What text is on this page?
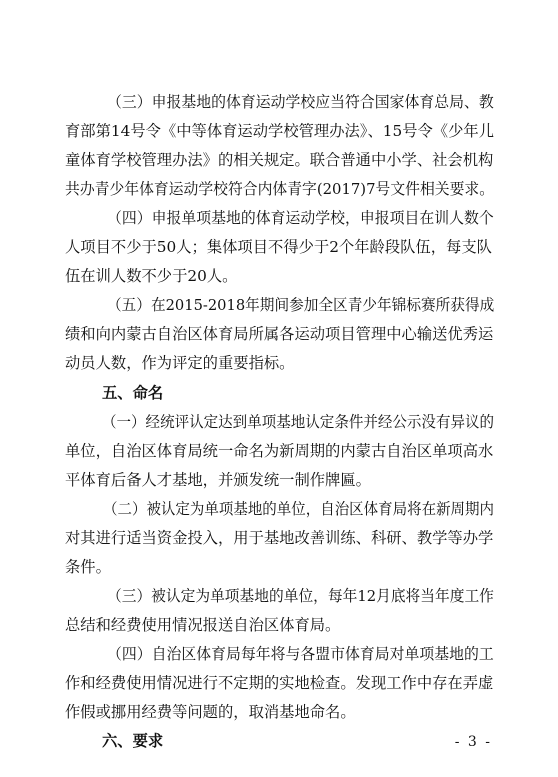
（三）申报基地的体育运动学校应当符合国家体育总局、教

育部第14号令《中等体育运动学校管理办法》、15号令《少年儿

童体育学校管理办法》的相关规定。联合普通中小学、社会机构

共办青少年体育运动学校符合内体青字(2017)7号文件相关要求。

（四）申报单项基地的体育运动学校，申报项目在训人数个

人项目不少于50人；集体项目不得少于2个年龄段队伍，每支队

伍在训人数不少于20人。

（五）在2015-2018年期间参加全区青少年锦标赛所获得成

绩和向内蒙古自治区体育局所属各运动项目管理中心输送优秀运

动员人数，作为评定的重要指标。

五、命名

（一）经统评认定达到单项基地认定条件并经公示没有异议的

单位，自治区体育局统一命名为新周期的内蒙古自治区单项高水

平体育后备人才基地，并颁发统一制作牌匾。

（二）被认定为单项基地的单位，自治区体育局将在新周期内

对其进行适当资金投入，用于基地改善训练、科研、教学等办学

条件。

（三）被认定为单项基地的单位，每年12月底将当年度工作

总结和经费使用情况报送自治区体育局。

（四）自治区体育局每年将与各盟市体育局对单项基地的工

作和经费使用情况进行不定期的实地检查。发现工作中存在弄虚

作假或挪用经费等问题的，取消基地命名。

六、要求	- 3 -
